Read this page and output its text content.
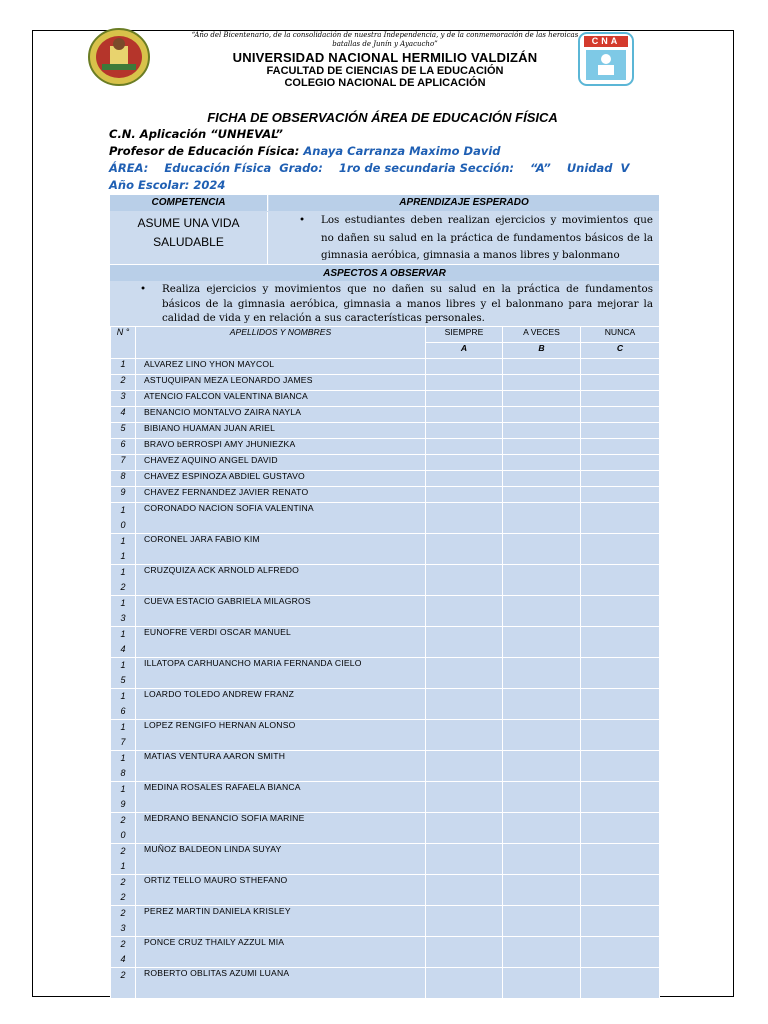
“Año del Bicentenario, de la consolidación de nuestra Independencia, y de la conmemoración de las heroicas batallas de Junín y Ayacucho”
UNIVERSIDAD NACIONAL HERMILIO VALDIZÁN
FACULTAD DE CIENCIAS DE LA EDUCACIÓN
COLEGIO NACIONAL DE APLICACIÓN
CNA
FICHA DE OBSERVACIÓN ÁREA DE EDUCACIÓN FÍSICA
C.N. Aplicación “UNHEVAL”
Profesor de Educación Física: Anaya Carranza Maximo David
ÁREA:    Educación Física  Grado:    1ro de secundaria Sección:    “A”    Unidad  V
Año Escolar: 2024
COMPETENCIA	APRENDIZAJE ESPERADO
ASUME UNA VIDA SALUDABLE
• Los estudiantes deben realizan ejercicios y movimientos que no dañen su salud en la práctica de fundamentos básicos de la gimnasia aeróbica, gimnasia a manos libres y balonmano
ASPECTOS A OBSERVAR
• Realiza ejercicios y movimientos que no dañen su salud en la práctica de fundamentos básicos de la gimnasia aeróbica, gimnasia a manos libres y el balonmano para mejorar la calidad de vida y en relación a sus características personales.
N °	APELLIDOS Y NOMBRES	SIEMPRE	A VECES	NUNCA
		A	B	C
1	ALVAREZ LINO YHON MAYCOL			
2	ASTUQUIPAN MEZA LEONARDO JAMES			
3	ATENCIO FALCON VALENTINA BIANCA			
4	BENANCIO MONTALVO ZAIRA NAYLA			
5	BIBIANO HUAMAN JUAN ARIEL			
6	BRAVO bERROSPI AMY JHUNIEZKA			
7	CHAVEZ AQUINO ANGEL DAVID			
8	CHAVEZ ESPINOZA ABDIEL GUSTAVO			
9	CHAVEZ FERNANDEZ JAVIER RENATO			
10	CORONADO NACION SOFIA VALENTINA			
11	CORONEL JARA FABIO KIM			
12	CRUZQUIZA ACK ARNOLD ALFREDO			
13	CUEVA ESTACIO GABRIELA MILAGROS			
14	EUNOFRE VERDI OSCAR MANUEL			
15	ILLATOPA CARHUANCHO MARIA FERNANDA CIELO			
16	LOARDO TOLEDO ANDREW FRANZ			
17	LOPEZ RENGIFO HERNAN ALONSO			
18	MATIAS VENTURA AARON SMITH			
19	MEDINA ROSALES RAFAELA BIANCA			
20	MEDRANO BENANCIO SOFIA MARINE			
21	MUÑOZ BALDEON LINDA SUYAY			
22	ORTIZ TELLO MAURO STHEFANO			
23	PEREZ MARTIN DANIELA KRISLEY			
24	PONCE CRUZ THAILY AZZUL MIA			
2	ROBERTO OBLITAS AZUMI LUANA			
